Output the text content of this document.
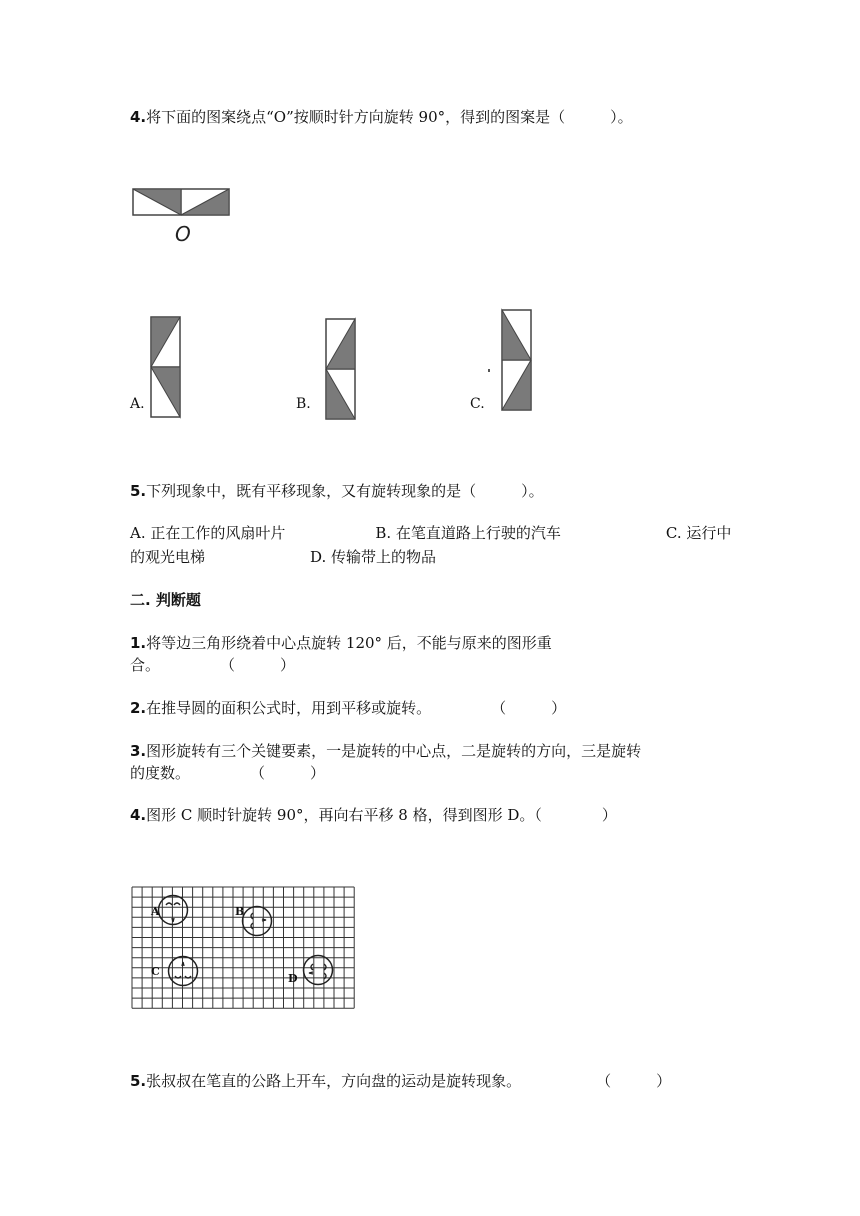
4.将下面的图案绕点“O”按顺时针方向旋转 90°，得到的图案是（　　　）。
O
A.	B.	C.
5.下列现象中，既有平移现象，又有旋转现象的是（　　　）。
A. 正在工作的风扇叶片　　　　　　B. 在笔直道路上行驶的汽车　　　　　　　C. 运行中
的观光电梯　　　　　　　D. 传输带上的物品
二. 判断题
1.将等边三角形绕着中心点旋转 120° 后，不能与原来的图形重
合。　　　　　（　　　）
2.在推导圆的面积公式时，用到平移或旋转。　　　　　（　　　）
3.图形旋转有三个关键要素，一是旋转的中心点，二是旋转的方向，三是旋转
的度数。　　　　　（　　　）
4.图形 C 顺时针旋转 90°，再向右平移 8 格，得到图形 D。（　　　　）
A	B
C
D
5.张叔叔在笔直的公路上开车，方向盘的运动是旋转现象。　　　　　　（　　　）
